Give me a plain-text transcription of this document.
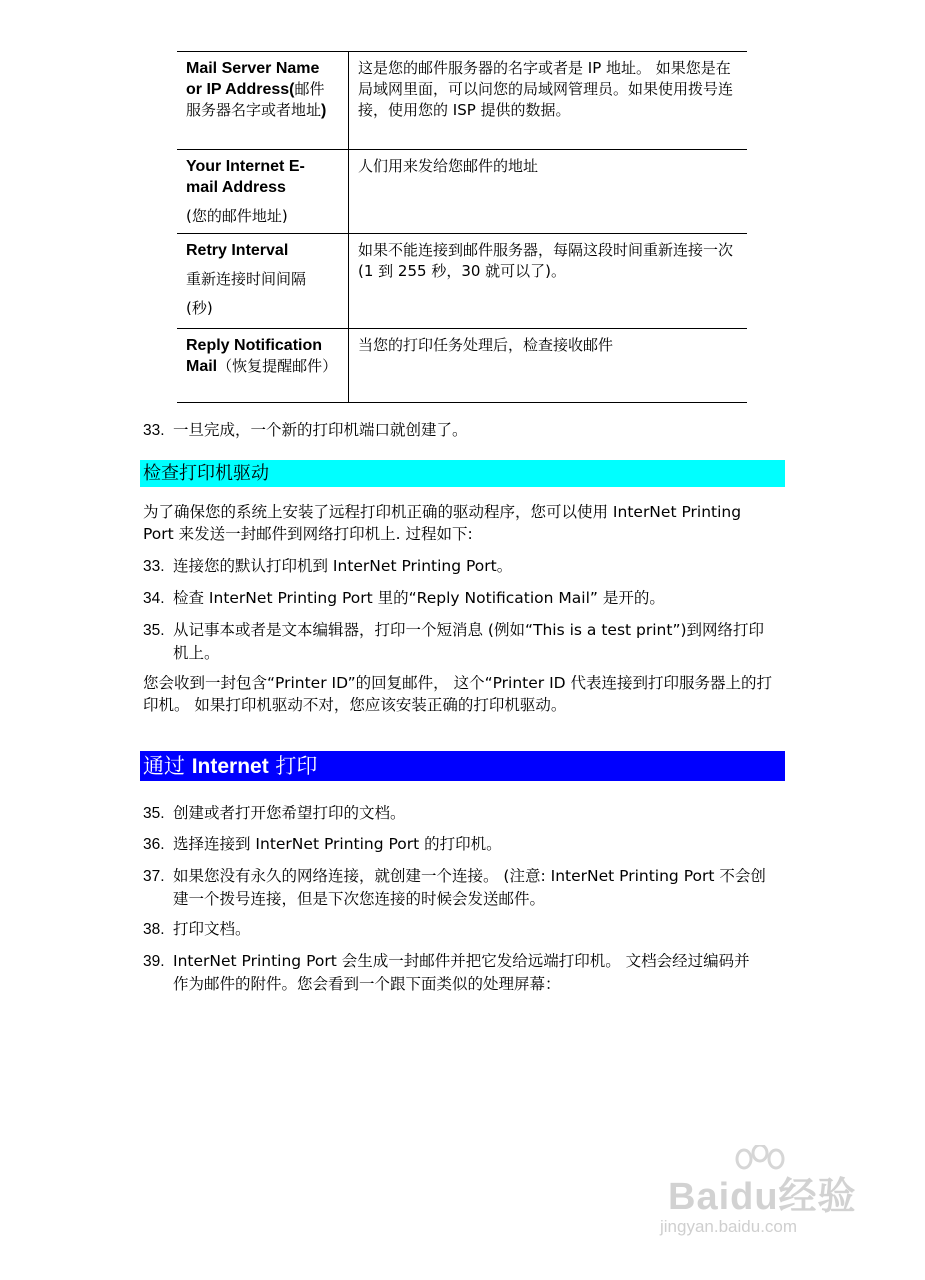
Mail Server Name or IP Address(邮件服务器名字或者地址)	这是您的邮件服务器的名字或者是 IP 地址。 如果您是在局域网里面，可以问您的局域网管理员。如果使用拨号连接，使用您的 ISP 提供的数据。

Your Internet E-mail Address
(您的邮件地址)	人们用来发给您邮件的地址

Retry Interval
重新连接时间间隔
(秒)	如果不能连接到邮件服务器，每隔这段时间重新连接一次(1 到 255 秒，30 就可以了)。
Reply Notification Mail（恢复提醒邮件）	当您的打印任务处理后，检查接收邮件
33. 一旦完成，一个新的打印机端口就创建了。
检查打印机驱动
为了确保您的系统上安装了远程打印机正确的驱动程序，您可以使用 InterNet Printing Port 来发送一封邮件到网络打印机上. 过程如下:
33. 连接您的默认打印机到 InterNet Printing Port。
34. 检查 InterNet Printing Port 里的“Reply Notification Mail” 是开的。
35. 从记事本或者是文本编辑器，打印一个短消息 (例如“This is a test print”)到网络打印
机上。
您会收到一封包含“Printer ID”的回复邮件， 这个“Printer ID 代表连接到打印服务器上的打印机。 如果打印机驱动不对，您应该安装正确的打印机驱动。
通过 Internet 打印
35. 创建或者打开您希望打印的文档。
36. 选择连接到 InterNet Printing Port 的打印机。
37. 如果您没有永久的网络连接，就创建一个连接。 (注意: InterNet Printing Port 不会创
建一个拨号连接，但是下次您连接的时候会发送邮件。
38. 打印文档。
39. InterNet Printing Port 会生成一封邮件并把它发给远端打印机。 文档会经过编码并
作为邮件的附件。您会看到一个跟下面类似的处理屏幕：
Baidu经验
jingyan.baidu.com
